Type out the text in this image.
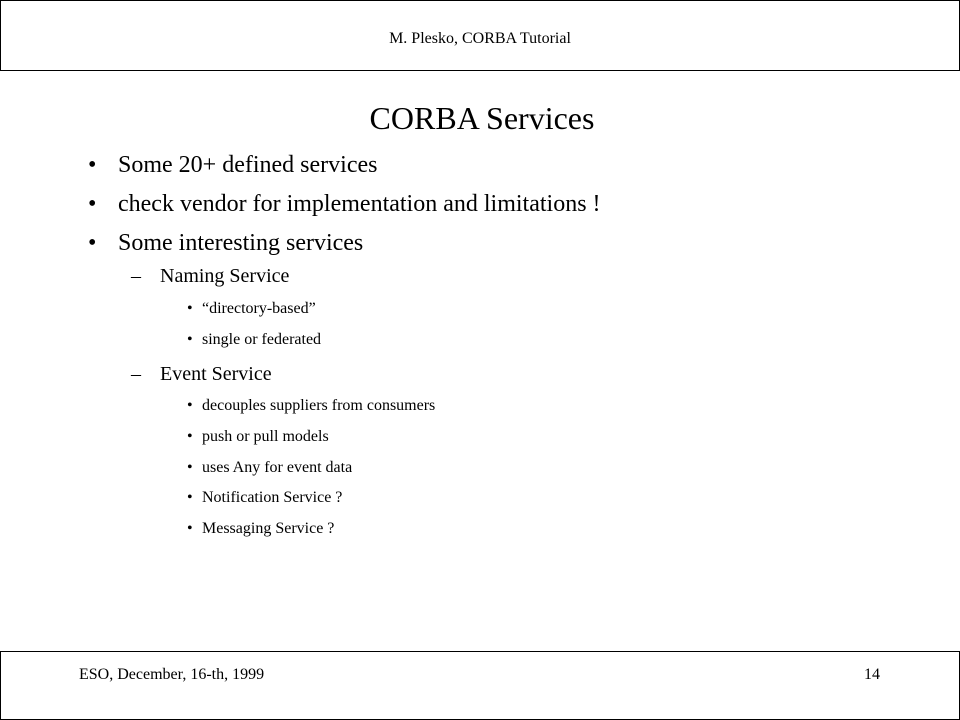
M. Plesko, CORBA Tutorial
CORBA Services
• Some 20+ defined services
• check vendor for implementation and limitations !
• Some interesting services
– Naming Service
• “directory-based”
• single or federated
– Event Service
• decouples suppliers from consumers
• push or pull models
• uses Any for event data
• Notification Service ?
• Messaging Service ?
ESO, December, 16-th, 1999	14
